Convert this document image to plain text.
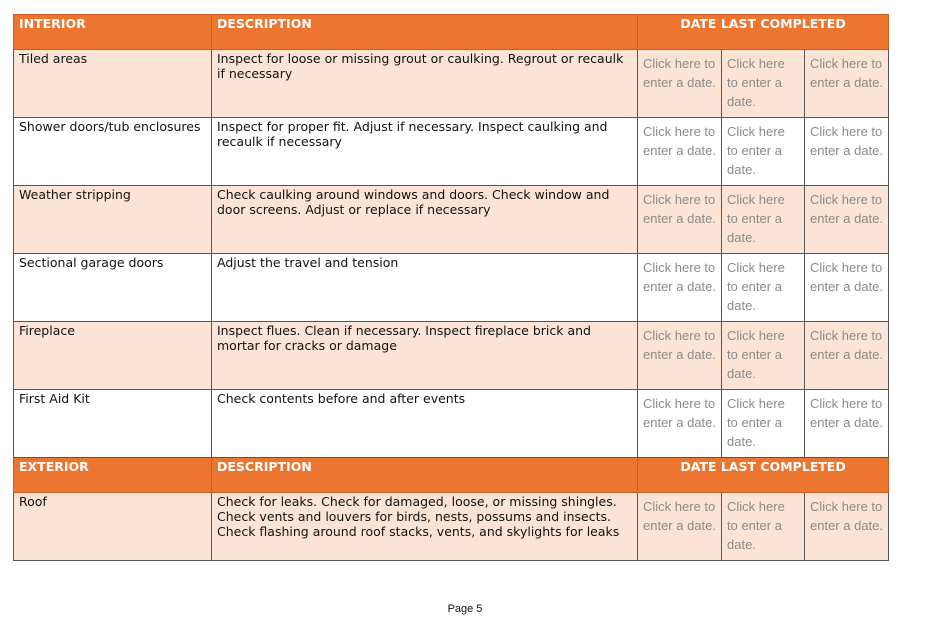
INTERIOR	DESCRIPTION	DATE LAST COMPLETED		

Tiled areas	Inspect for loose or missing grout or caulking. Regrout or recaulk if necessary	Click here to enter a date.	Click here to enter a date.	Click here to enter a date.

Shower doors/tub enclosures	Inspect for proper fit. Adjust if necessary. Inspect caulking and recaulk if necessary	Click here to enter a date.	Click here to enter a date.	Click here to enter a date.

Weather stripping	Check caulking around windows and doors. Check window and door screens. Adjust or replace if necessary	Click here to enter a date.	Click here to enter a date.	Click here to enter a date.

Sectional garage doors	Adjust the travel and tension	Click here to enter a date.	Click here to enter a date.	Click here to enter a date.

Fireplace	Inspect flues. Clean if necessary. Inspect fireplace brick and mortar for cracks or damage	Click here to enter a date.	Click here to enter a date.	Click here to enter a date.

First Aid Kit	Check contents before and after events	Click here to enter a date.	Click here to enter a date.	Click here to enter a date.

EXTERIOR	DESCRIPTION	DATE LAST COMPLETED		

Roof	Check for leaks. Check for damaged, loose, or missing shingles. Check vents and louvers for birds, nests, possums and insects. Check flashing around roof stacks, vents, and skylights for leaks	Click here to enter a date.	Click here to enter a date.	Click here to enter a date.
Page 5
